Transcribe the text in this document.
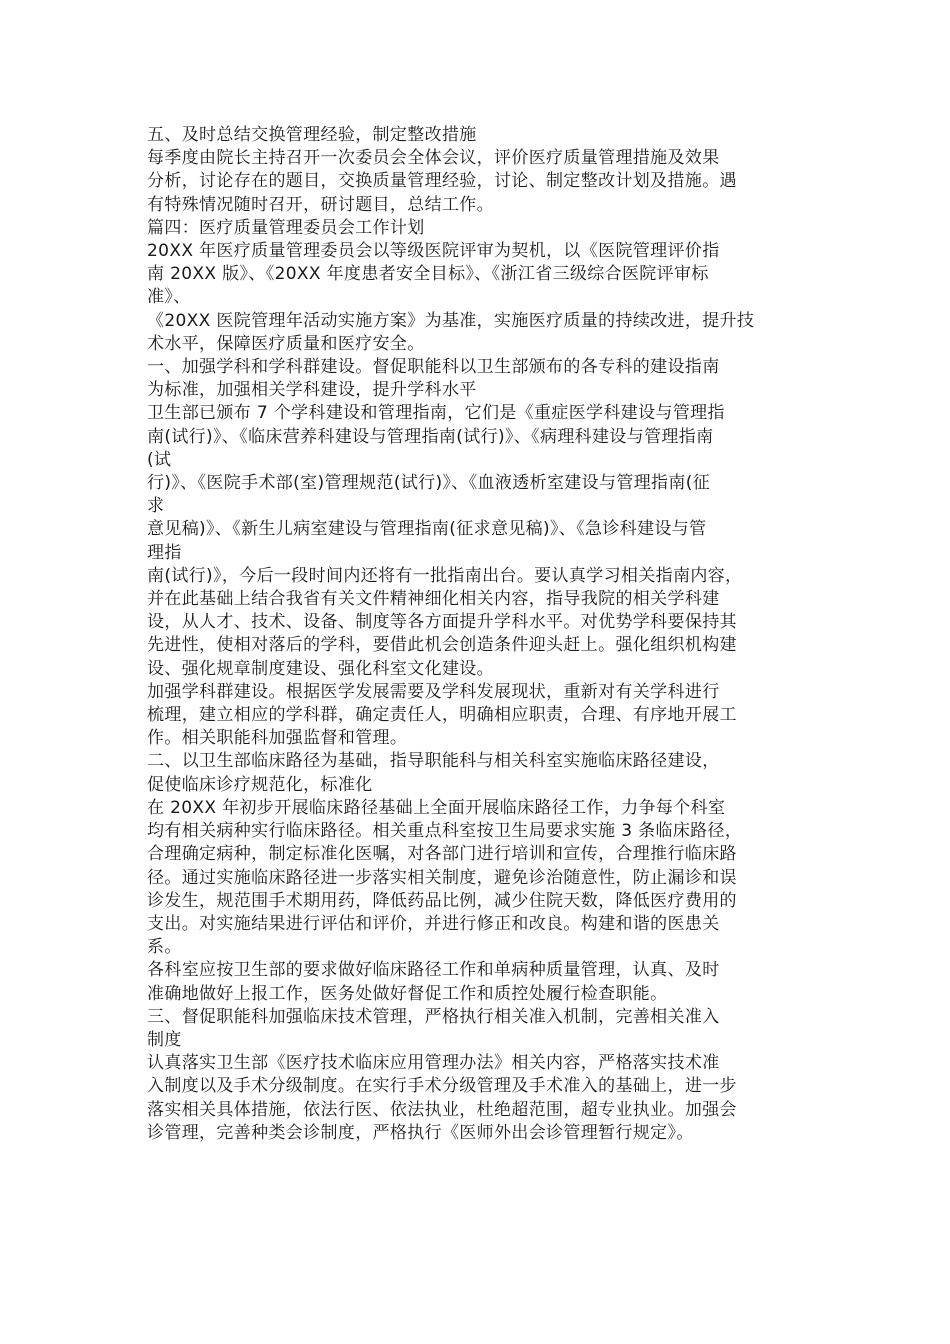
五、及时总结交换管理经验，制定整改措施
每季度由院长主持召开一次委员会全体会议，评价医疗质量管理措施及效果
分析，讨论存在的题目，交换质量管理经验，讨论、制定整改计划及措施。遇
有特殊情况随时召开，研讨题目，总结工作。
篇四：医疗质量管理委员会工作计划
20XX 年医疗质量管理委员会以等级医院评审为契机，以《医院管理评价指
南 20XX 版》、《20XX 年度患者安全目标》、《浙江省三级综合医院评审标
准》、
《20XX 医院管理年活动实施方案》为基准，实施医疗质量的持续改进，提升技
术水平，保障医疗质量和医疗安全。
一、加强学科和学科群建设。督促职能科以卫生部颁布的各专科的建设指南
为标准，加强相关学科建设，提升学科水平
卫生部已颁布 7 个学科建设和管理指南，它们是《重症医学科建设与管理指
南(试行)》、《临床营养科建设与管理指南(试行)》、《病理科建设与管理指南
(试
行)》、《医院手术部(室)管理规范(试行)》、《血液透析室建设与管理指南(征
求
意见稿)》、《新生儿病室建设与管理指南(征求意见稿)》、《急诊科建设与管
理指
南(试行)》，今后一段时间内还将有一批指南出台。要认真学习相关指南内容，
并在此基础上结合我省有关文件精神细化相关内容，指导我院的相关学科建
设，从人才、技术、设备、制度等各方面提升学科水平。对优势学科要保持其
先进性，使相对落后的学科，要借此机会创造条件迎头赶上。强化组织机构建
设、强化规章制度建设、强化科室文化建设。
加强学科群建设。根据医学发展需要及学科发展现状，重新对有关学科进行
梳理，建立相应的学科群，确定责任人，明确相应职责，合理、有序地开展工
作。相关职能科加强监督和管理。
二、以卫生部临床路径为基础，指导职能科与相关科室实施临床路径建设，
促使临床诊疗规范化，标准化
在 20XX 年初步开展临床路径基础上全面开展临床路径工作，力争每个科室
均有相关病种实行临床路径。相关重点科室按卫生局要求实施 3 条临床路径，
合理确定病种，制定标准化医嘱，对各部门进行培训和宣传，合理推行临床路
径。通过实施临床路径进一步落实相关制度，避免诊治随意性，防止漏诊和误
诊发生，规范围手术期用药，降低药品比例，减少住院天数，降低医疗费用的
支出。对实施结果进行评估和评价，并进行修正和改良。构建和谐的医患关
系。
各科室应按卫生部的要求做好临床路径工作和单病种质量管理，认真、及时
准确地做好上报工作，医务处做好督促工作和质控处履行检查职能。
三、督促职能科加强临床技术管理，严格执行相关准入机制，完善相关准入
制度
认真落实卫生部《医疗技术临床应用管理办法》相关内容，严格落实技术准
入制度以及手术分级制度。在实行手术分级管理及手术准入的基础上，进一步
落实相关具体措施，依法行医、依法执业，杜绝超范围，超专业执业。加强会
诊管理，完善种类会诊制度，严格执行《医师外出会诊管理暂行规定》。
